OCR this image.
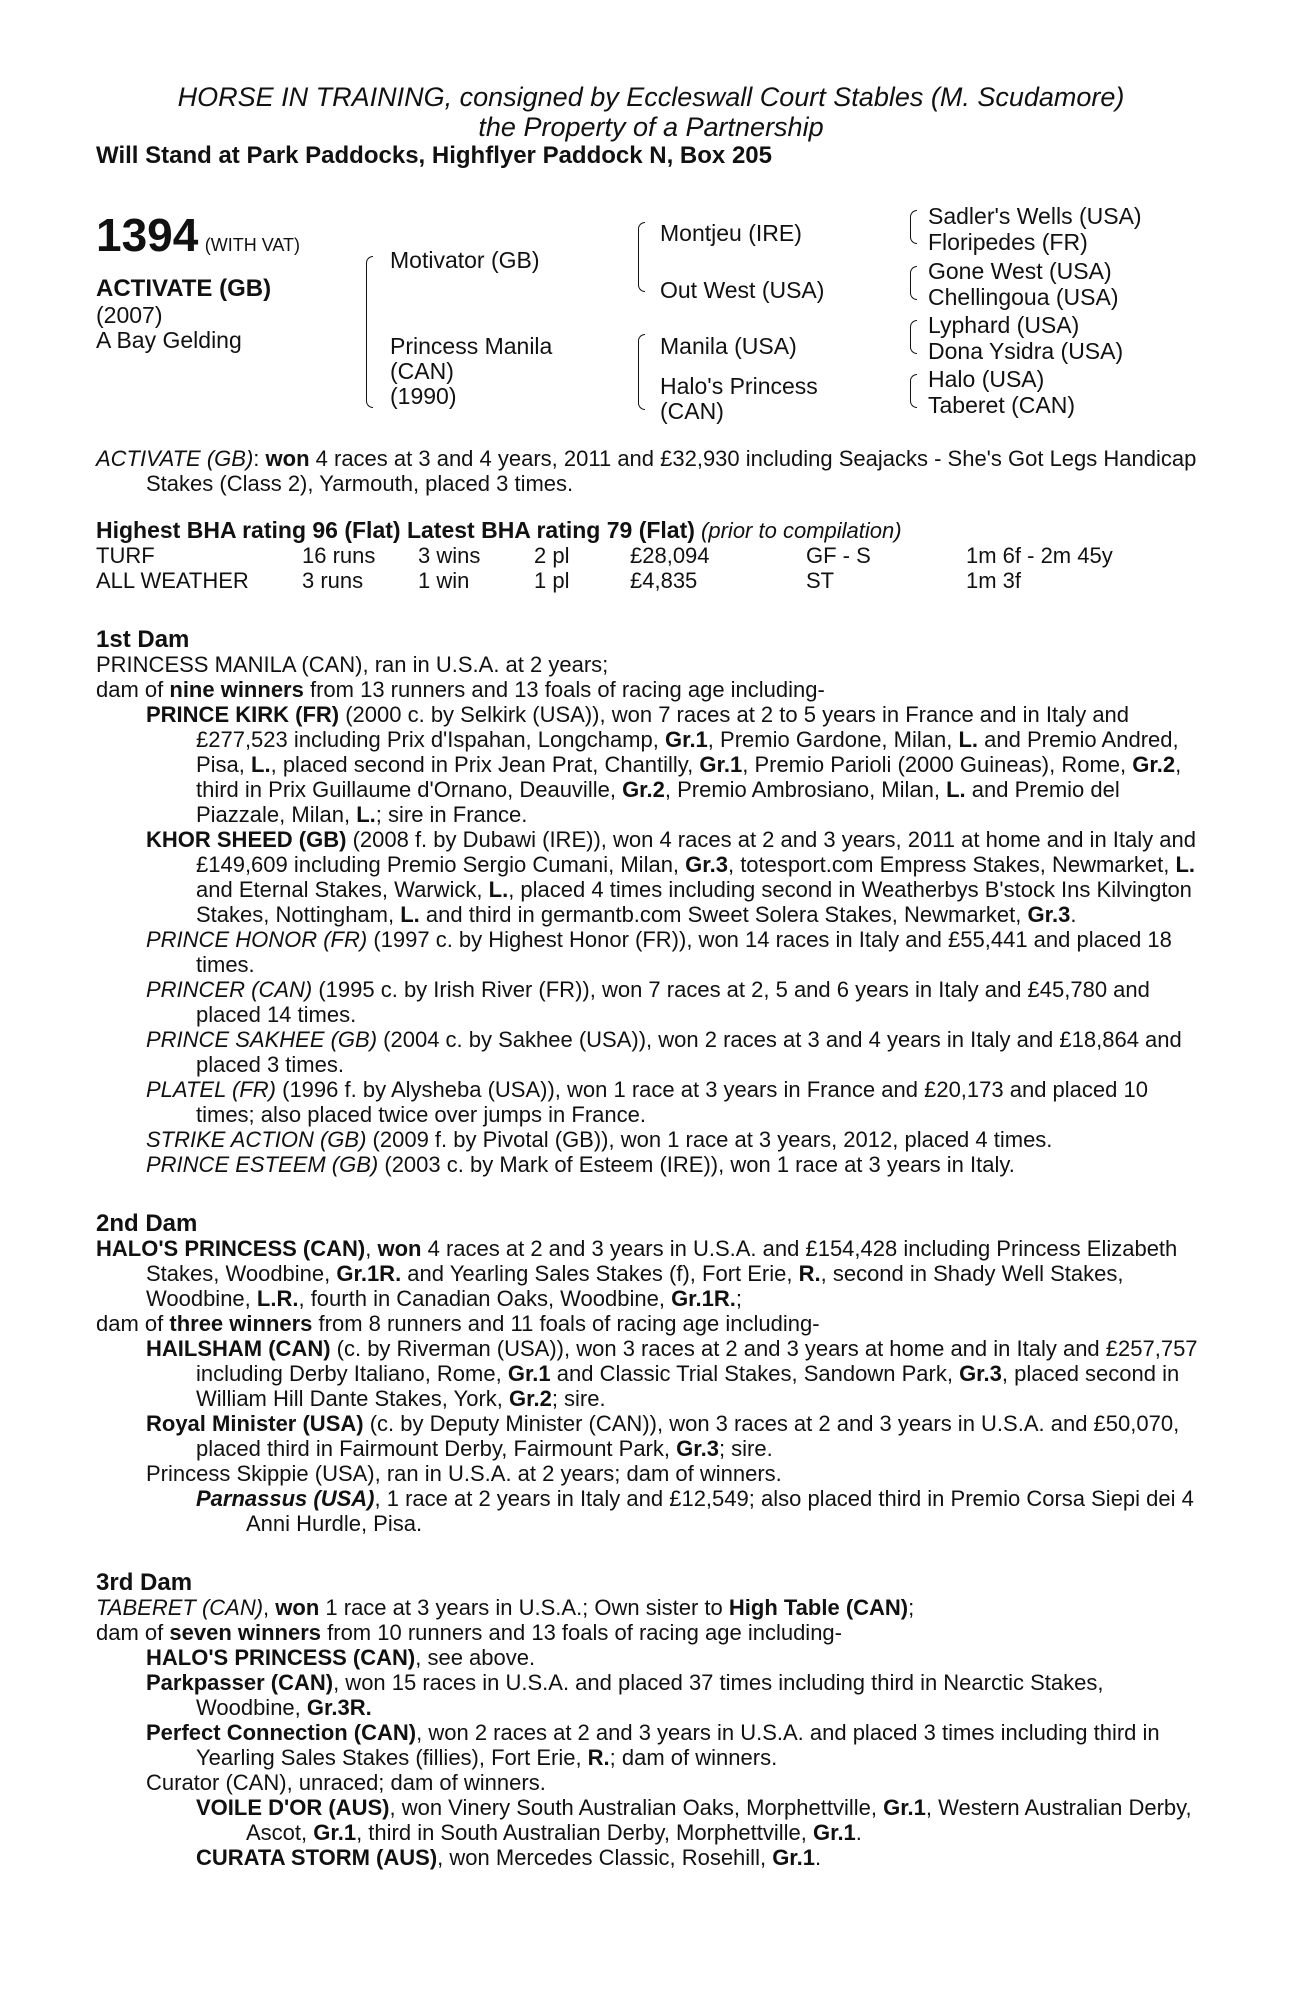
HORSE IN TRAINING, consigned by Eccleswall Court Stables (M. Scudamore)
the Property of a Partnership
Will Stand at Park Paddocks, Highflyer Paddock N, Box 205
1394 (WITH VAT)
ACTIVATE (GB)
(2007)
A Bay Gelding
Motivator (GB)
Princess Manila
(CAN)
(1990)
Montjeu (IRE)
Out West (USA)
Manila (USA)
Halo's Princess
(CAN)
Sadler's Wells (USA)
Floripedes (FR)
Gone West (USA)
Chellingoua (USA)
Lyphard (USA)
Dona Ysidra (USA)
Halo (USA)
Taberet (CAN)
ACTIVATE (GB): won 4 races at 3 and 4 years, 2011 and £32,930 including Seajacks - She's Got Legs Handicap Stakes (Class 2), Yarmouth, placed 3 times.
Highest BHA rating 96 (Flat) Latest BHA rating 79 (Flat) (prior to compilation)
TURF	16 runs	3 wins	2 pl	£28,094	GF - S	1m 6f - 2m 45y
ALL WEATHER	3 runs	1 win	1 pl	£4,835	ST	1m 3f
1st Dam
PRINCESS MANILA (CAN), ran in U.S.A. at 2 years;
dam of nine winners from 13 runners and 13 foals of racing age including-
PRINCE KIRK (FR) (2000 c. by Selkirk (USA)), won 7 races at 2 to 5 years in France and in Italy and £277,523 including Prix d'Ispahan, Longchamp, Gr.1, Premio Gardone, Milan, L. and Premio Andred, Pisa, L., placed second in Prix Jean Prat, Chantilly, Gr.1, Premio Parioli (2000 Guineas), Rome, Gr.2, third in Prix Guillaume d'Ornano, Deauville, Gr.2, Premio Ambrosiano, Milan, L. and Premio del Piazzale, Milan, L.; sire in France.
KHOR SHEED (GB) (2008 f. by Dubawi (IRE)), won 4 races at 2 and 3 years, 2011 at home and in Italy and £149,609 including Premio Sergio Cumani, Milan, Gr.3, totesport.com Empress Stakes, Newmarket, L. and Eternal Stakes, Warwick, L., placed 4 times including second in Weatherbys B'stock Ins Kilvington Stakes, Nottingham, L. and third in germantb.com Sweet Solera Stakes, Newmarket, Gr.3.
PRINCE HONOR (FR) (1997 c. by Highest Honor (FR)), won 14 races in Italy and £55,441 and placed 18 times.
PRINCER (CAN) (1995 c. by Irish River (FR)), won 7 races at 2, 5 and 6 years in Italy and £45,780 and placed 14 times.
PRINCE SAKHEE (GB) (2004 c. by Sakhee (USA)), won 2 races at 3 and 4 years in Italy and £18,864 and placed 3 times.
PLATEL (FR) (1996 f. by Alysheba (USA)), won 1 race at 3 years in France and £20,173 and placed 10 times; also placed twice over jumps in France.
STRIKE ACTION (GB) (2009 f. by Pivotal (GB)), won 1 race at 3 years, 2012, placed 4 times.
PRINCE ESTEEM (GB) (2003 c. by Mark of Esteem (IRE)), won 1 race at 3 years in Italy.
2nd Dam
HALO'S PRINCESS (CAN), won 4 races at 2 and 3 years in U.S.A. and £154,428 including Princess Elizabeth Stakes, Woodbine, Gr.1R. and Yearling Sales Stakes (f), Fort Erie, R., second in Shady Well Stakes, Woodbine, L.R., fourth in Canadian Oaks, Woodbine, Gr.1R.;
dam of three winners from 8 runners and 11 foals of racing age including-
HAILSHAM (CAN) (c. by Riverman (USA)), won 3 races at 2 and 3 years at home and in Italy and £257,757 including Derby Italiano, Rome, Gr.1 and Classic Trial Stakes, Sandown Park, Gr.3, placed second in William Hill Dante Stakes, York, Gr.2; sire.
Royal Minister (USA) (c. by Deputy Minister (CAN)), won 3 races at 2 and 3 years in U.S.A. and £50,070, placed third in Fairmount Derby, Fairmount Park, Gr.3; sire.
Princess Skippie (USA), ran in U.S.A. at 2 years; dam of winners.
Parnassus (USA), 1 race at 2 years in Italy and £12,549; also placed third in Premio Corsa Siepi dei 4 Anni Hurdle, Pisa.
3rd Dam
TABERET (CAN), won 1 race at 3 years in U.S.A.; Own sister to High Table (CAN);
dam of seven winners from 10 runners and 13 foals of racing age including-
HALO'S PRINCESS (CAN), see above.
Parkpasser (CAN), won 15 races in U.S.A. and placed 37 times including third in Nearctic Stakes, Woodbine, Gr.3R.
Perfect Connection (CAN), won 2 races at 2 and 3 years in U.S.A. and placed 3 times including third in Yearling Sales Stakes (fillies), Fort Erie, R.; dam of winners.
Curator (CAN), unraced; dam of winners.
VOILE D'OR (AUS), won Vinery South Australian Oaks, Morphettville, Gr.1, Western Australian Derby, Ascot, Gr.1, third in South Australian Derby, Morphettville, Gr.1.
CURATA STORM (AUS), won Mercedes Classic, Rosehill, Gr.1.
